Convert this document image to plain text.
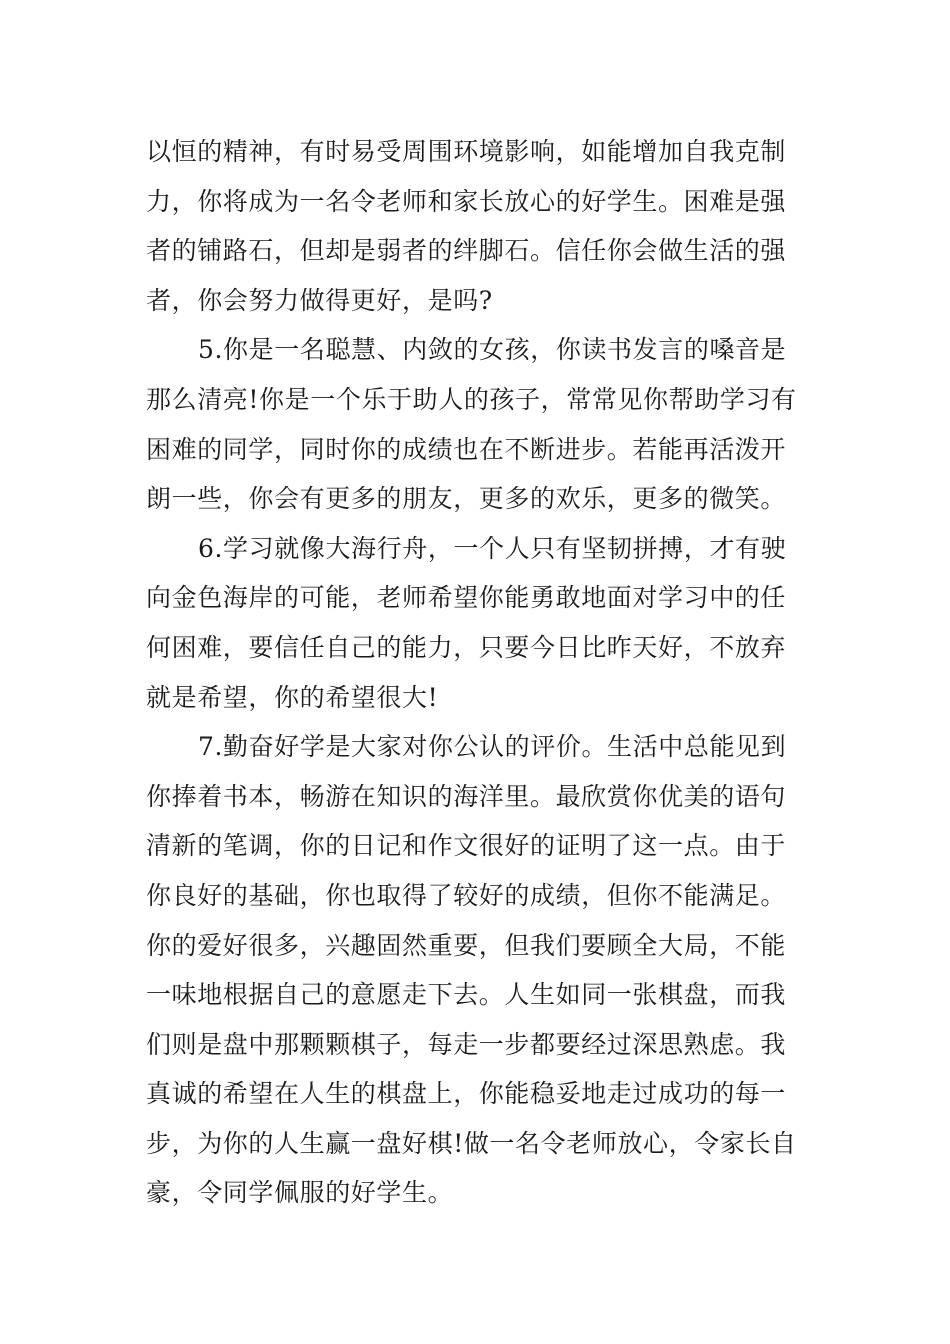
以恒的精神，有时易受周围环境影响，如能增加自我克制
力，你将成为一名令老师和家长放心的好学生。困难是强
者的铺路石，但却是弱者的绊脚石。信任你会做生活的强
者，你会努力做得更好，是吗?
5.你是一名聪慧、内敛的女孩，你读书发言的嗓音是
那么清亮!你是一个乐于助人的孩子，常常见你帮助学习有
困难的同学，同时你的成绩也在不断进步。若能再活泼开
朗一些，你会有更多的朋友，更多的欢乐，更多的微笑。
6.学习就像大海行舟，一个人只有坚韧拼搏，才有驶
向金色海岸的可能，老师希望你能勇敢地面对学习中的任
何困难，要信任自己的能力，只要今日比昨天好，不放弃
就是希望，你的希望很大!
7.勤奋好学是大家对你公认的评价。生活中总能见到
你捧着书本，畅游在知识的海洋里。最欣赏你优美的语句
清新的笔调，你的日记和作文很好的证明了这一点。由于
你良好的基础，你也取得了较好的成绩，但你不能满足。
你的爱好很多，兴趣固然重要，但我们要顾全大局，不能
一味地根据自己的意愿走下去。人生如同一张棋盘，而我
们则是盘中那颗颗棋子，每走一步都要经过深思熟虑。我
真诚的希望在人生的棋盘上，你能稳妥地走过成功的每一
步，为你的人生赢一盘好棋!做一名令老师放心，令家长自
豪，令同学佩服的好学生。
